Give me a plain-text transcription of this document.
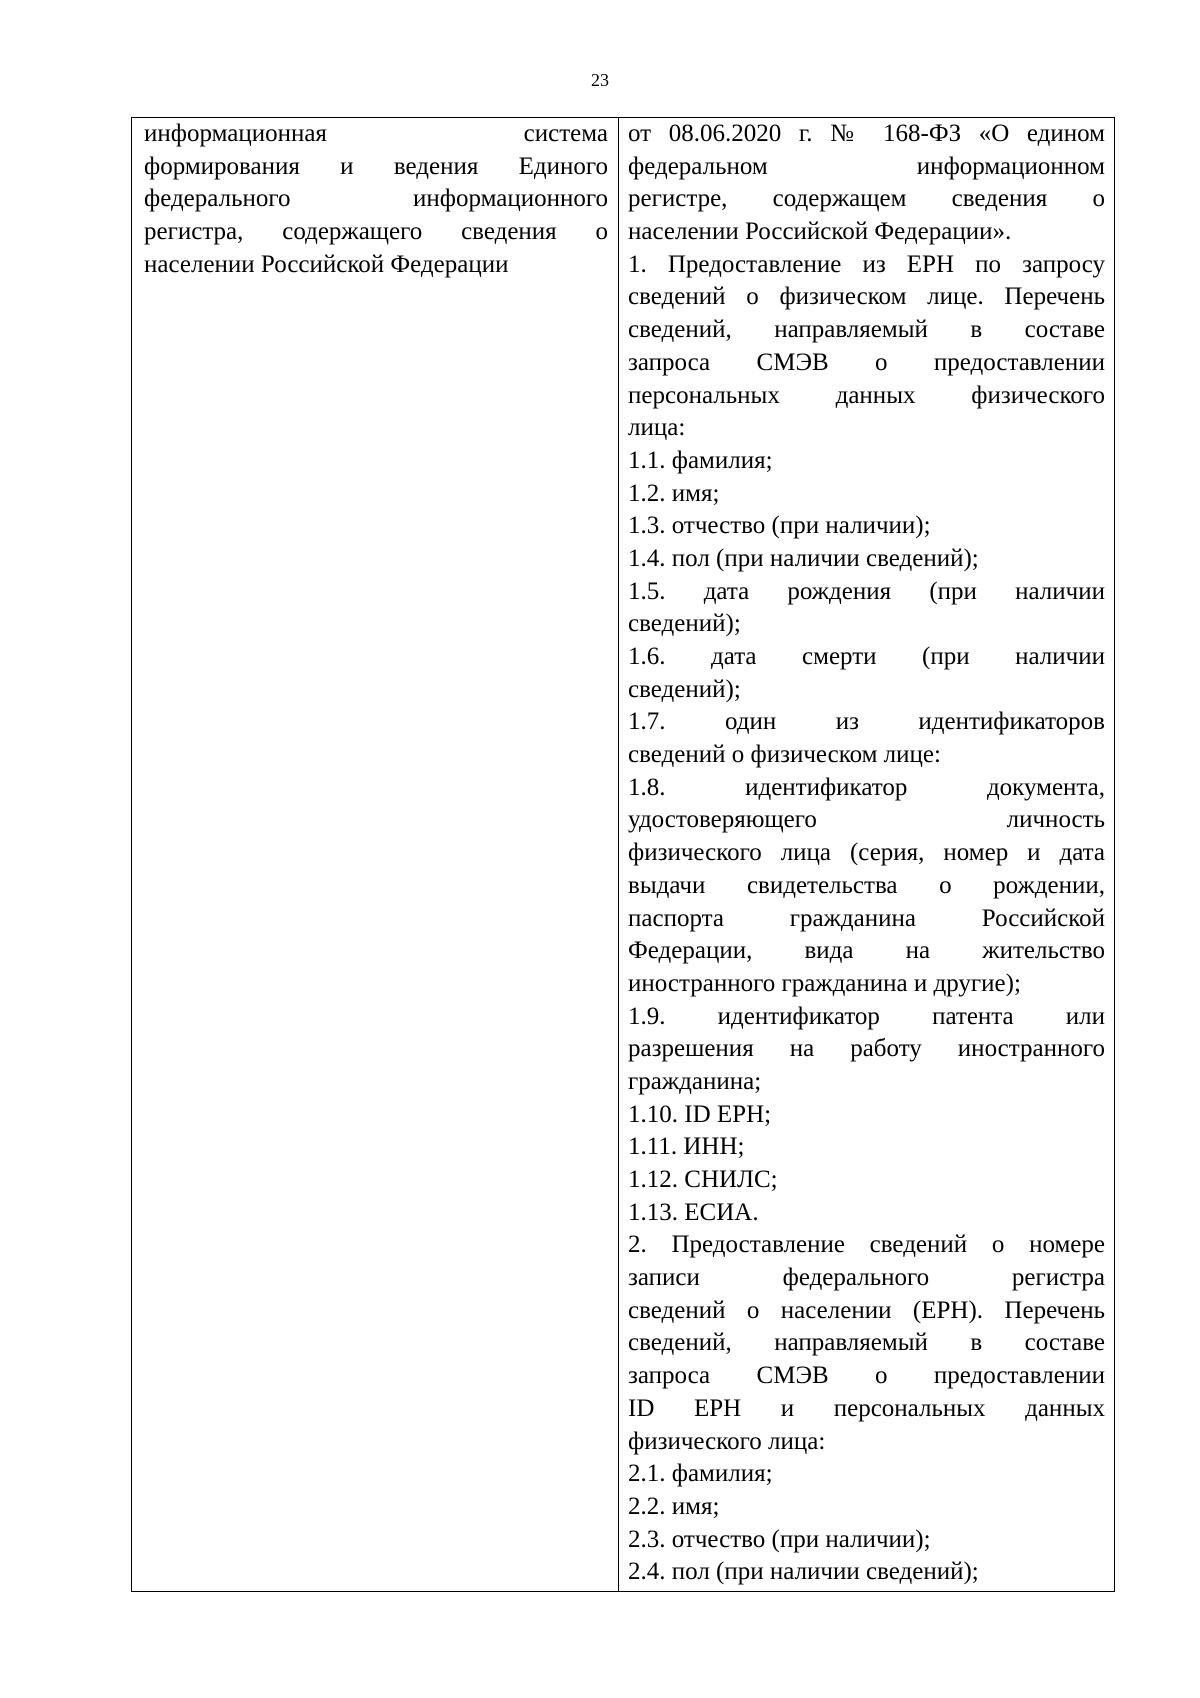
23
информационная система
формирования и ведения Единого
федерального информационного
регистра, содержащего сведения о
населении Российской Федерации
от 08.06.2020 г. № 168-ФЗ «О едином
федеральном информационном
регистре, содержащем сведения о
населении Российской Федерации».
1. Предоставление из ЕРН по запросу
сведений о физическом лице. Перечень
сведений, направляемый в составе
запроса СМЭВ о предоставлении
персональных данных физического
лица:
1.1. фамилия;
1.2. имя;
1.3. отчество (при наличии);
1.4. пол (при наличии сведений);
1.5. дата рождения (при наличии
сведений);
1.6. дата смерти (при наличии
сведений);
1.7. один из идентификаторов
сведений о физическом лице:
1.8. идентификатор документа,
удостоверяющего личность
физического лица (серия, номер и дата
выдачи свидетельства о рождении,
паспорта гражданина Российской
Федерации, вида на жительство
иностранного гражданина и другие);
1.9. идентификатор патента или
разрешения на работу иностранного
гражданина;
1.10. ID ЕРН;
1.11. ИНН;
1.12. СНИЛС;
1.13. ЕСИА.
2. Предоставление сведений о номере
записи федерального регистра
сведений о населении (ЕРН). Перечень
сведений, направляемый в составе
запроса СМЭВ о предоставлении
ID ЕРН и персональных данных
физического лица:
2.1. фамилия;
2.2. имя;
2.3. отчество (при наличии);
2.4. пол (при наличии сведений);
